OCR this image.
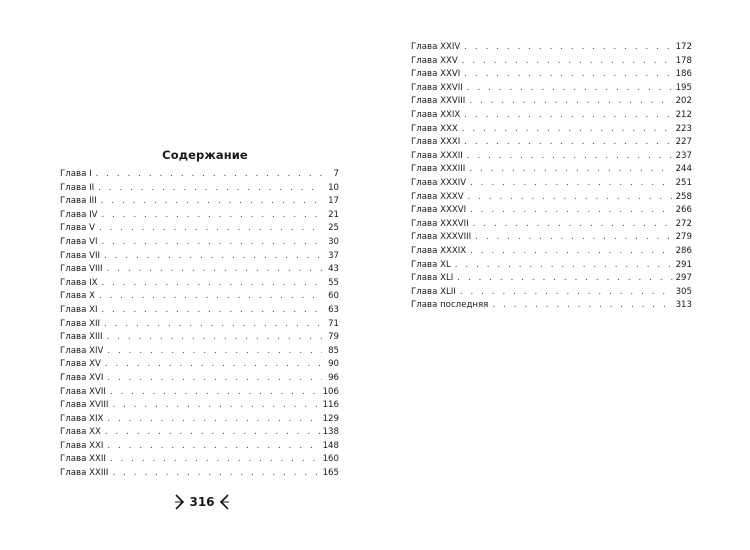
Содержание
Глава I . . .	7
Глава II . . .	10
Глава III . . .	17
Глава IV . . .	21
Глава V . . .	25
Глава VI . . .	30
Глава VII . . .	37
Глава VIII . . .	43
Глава IX . . .	55
Глава X . . .	60
Глава XI . . .	63
Глава XII . . .	71
Глава XIII . . .	79
Глава XIV . . .	85
Глава XV . . .	90
Глава XVI . . .	96
Глава XVII . . .	106
Глава XVIII . . .	116
Глава XIX . . .	129
Глава XX . . .	138
Глава XXI . . .	148
Глава XXII . . .	160
Глава XXIII . . .	165
316
Глава XXIV . . .	172
Глава XXV . . .	178
Глава XXVI . . .	186
Глава XXVII . . .	195
Глава XXVIII . . .	202
Глава XXIX . . .	212
Глава XXX . . .	223
Глава XXXI . . .	227
Глава XXXII . . .	237
Глава XXXIII . . .	244
Глава XXXIV . . .	251
Глава XXXV . . .	258
Глава XXXVI . . .	266
Глава XXXVII . . .	272
Глава XXXVIII . . .	279
Глава XXXIX . . .	286
Глава XL . . .	291
Глава XLI . . .	297
Глава XLII . . .	305
Глава последняя . . .	313
